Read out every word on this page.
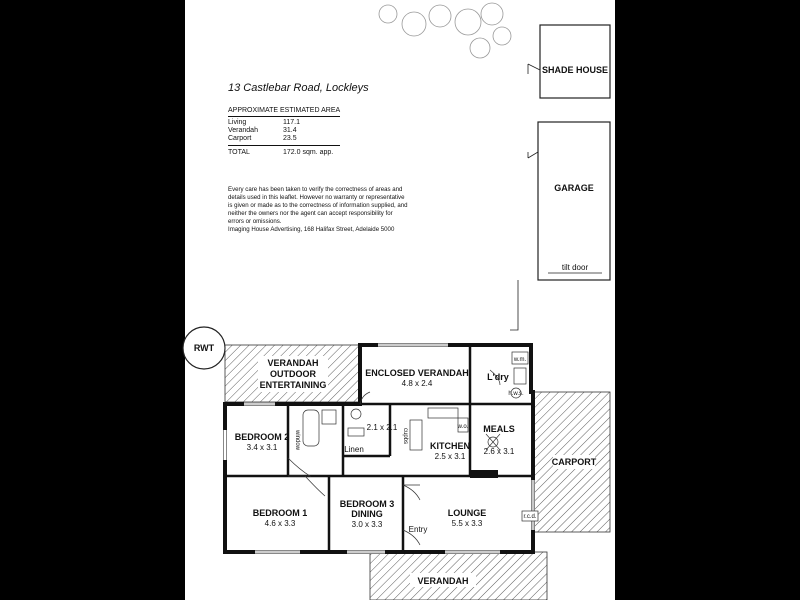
13 Castlebar Road, Lockleys
SHADE HOUSE
GARAGE
tilt door
RWT
VERANDAH
OUTDOOR
ENTERTAINING
ENCLOSED VERANDAH
4.8 x 2.4
L'dry
w.m.
h.w.s.
BEDROOM 2
3.4 x 3.1	window
2.1 x 2.1
Linen
cupbs
KITCHEN
2.5 x 3.1
w.o. MEALS
2.6 x 3.1
CARPORT
r.c.d.
BEDROOM 1
4.6 x 3.3
BEDROOM 3
DINING
3.0 x 3.3
LOUNGE
5.5 x 3.3
Entry
VERANDAH
APPROXIMATE ESTIMATED AREA
Living	117.1
Verandah	31.4
Carport	23.5
TOTAL	172.0 sqm. app.

Every care has been taken to verify the correctness of areas and details used in this leaflet. However no warranty or representative is given or made as to the correctness of information supplied, and neither the owners nor the agent can accept responsibility for errors or omissions.
Imaging House Advertising, 168 Halifax Street, Adelaide 5000
